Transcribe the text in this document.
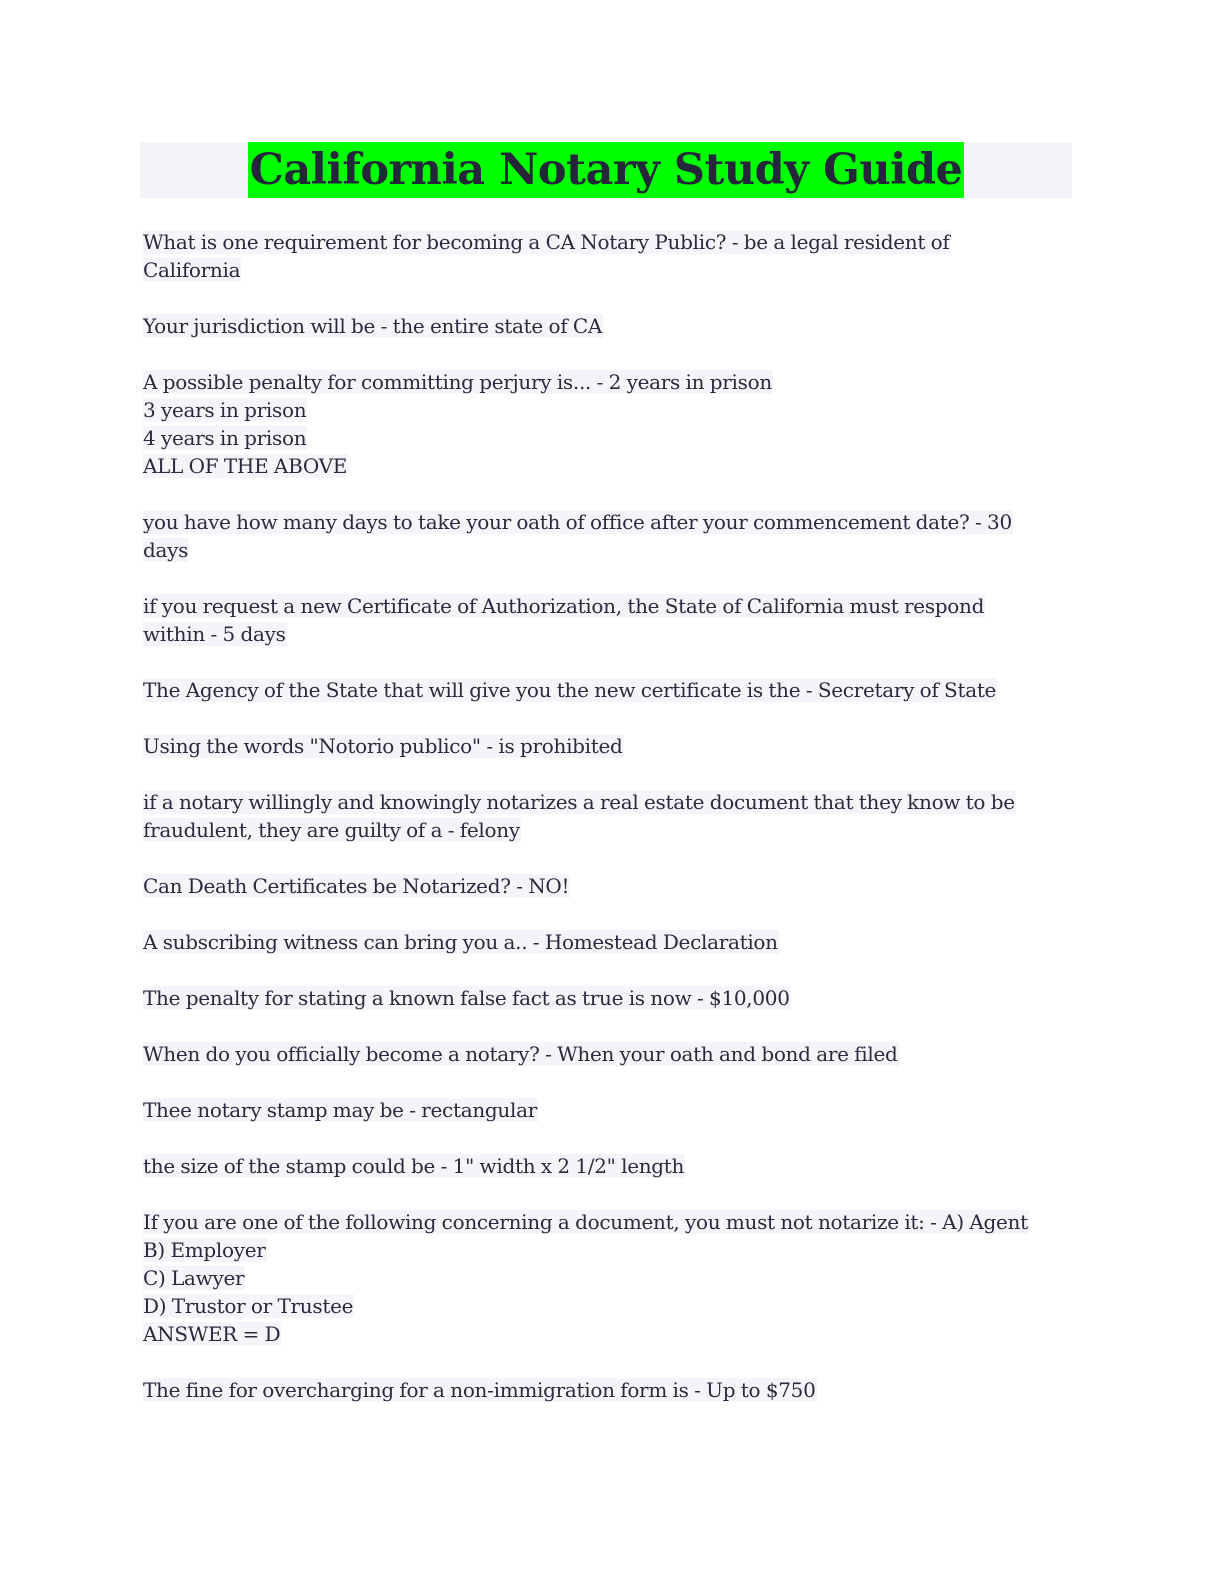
California Notary Study Guide
What is one requirement for becoming a CA Notary Public? - be a legal resident of
California
Your jurisdiction will be - the entire state of CA
A possible penalty for committing perjury is... - 2 years in prison
3 years in prison
4 years in prison
ALL OF THE ABOVE
you have how many days to take your oath of office after your commencement date? - 30
days
if you request a new Certificate of Authorization, the State of California must respond
within - 5 days
The Agency of the State that will give you the new certificate is the - Secretary of State
Using the words "Notorio publico" - is prohibited
if a notary willingly and knowingly notarizes a real estate document that they know to be
fraudulent, they are guilty of a - felony
Can Death Certificates be Notarized? - NO!
A subscribing witness can bring you a.. - Homestead Declaration
The penalty for stating a known false fact as true is now - $10,000
When do you officially become a notary? - When your oath and bond are filed
Thee notary stamp may be - rectangular
the size of the stamp could be - 1" width x 2 1/2" length
If you are one of the following concerning a document, you must not notarize it: - A) Agent
B) Employer
C) Lawyer
D) Trustor or Trustee
ANSWER = D
The fine for overcharging for a non-immigration form is - Up to $750
